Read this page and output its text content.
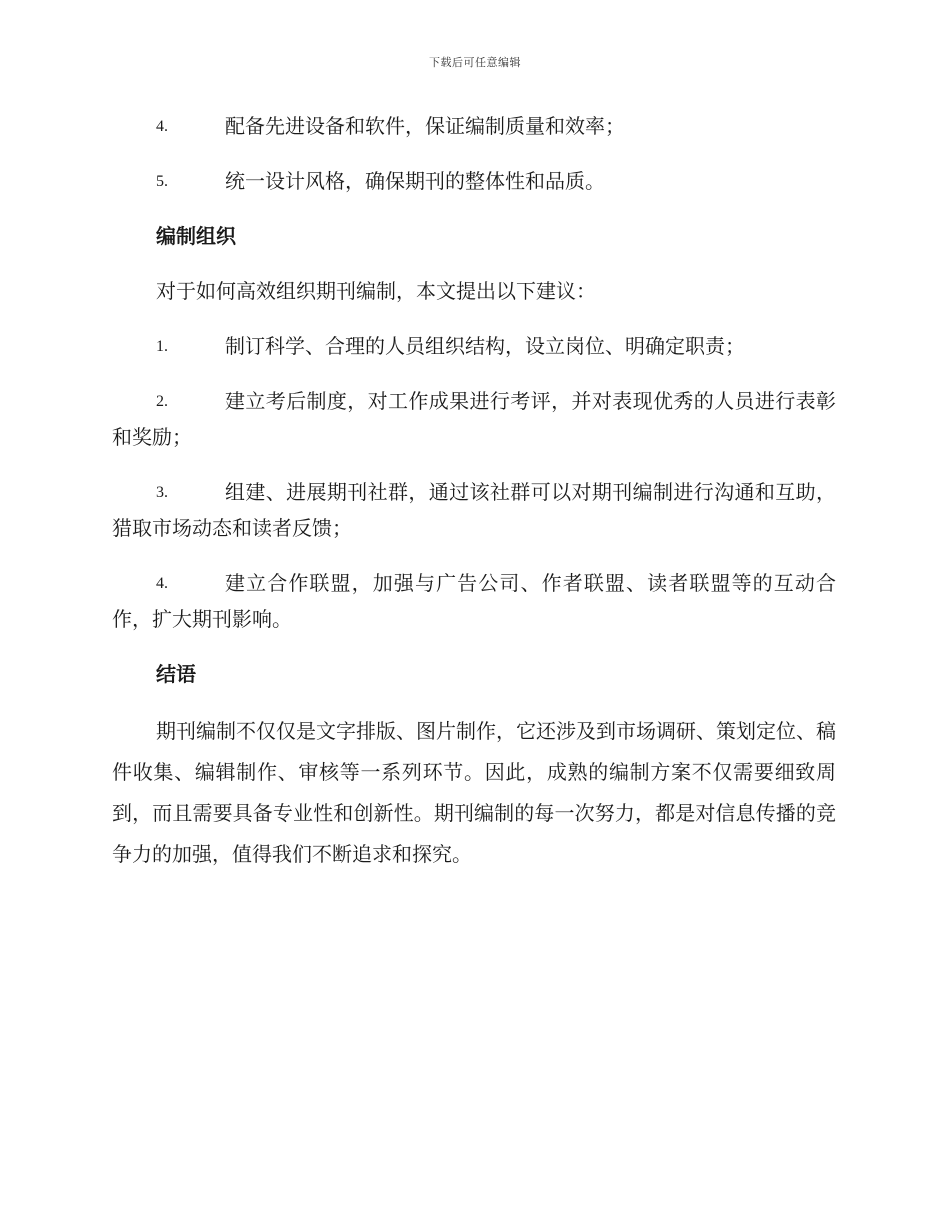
下载后可任意编辑
4.	配备先进设备和软件，保证编制质量和效率；
5.	统一设计风格，确保期刊的整体性和品质。
编制组织
对于如何高效组织期刊编制，本文提出以下建议：
1.	制订科学、合理的人员组织结构，设立岗位、明确定职责；
2.	建立考后制度，对工作成果进行考评，并对表现优秀的人员进行表彰和奖励；
3.	组建、进展期刊社群，通过该社群可以对期刊编制进行沟通和互助，猎取市场动态和读者反馈；
4.	建立合作联盟，加强与广告公司、作者联盟、读者联盟等的互动合作，扩大期刊影响。
结语
期刊编制不仅仅是文字排版、图片制作，它还涉及到市场调研、策划定位、稿件收集、编辑制作、审核等一系列环节。因此，成熟的编制方案不仅需要细致周到，而且需要具备专业性和创新性。期刊编制的每一次努力，都是对信息传播的竞争力的加强，值得我们不断追求和探究。
